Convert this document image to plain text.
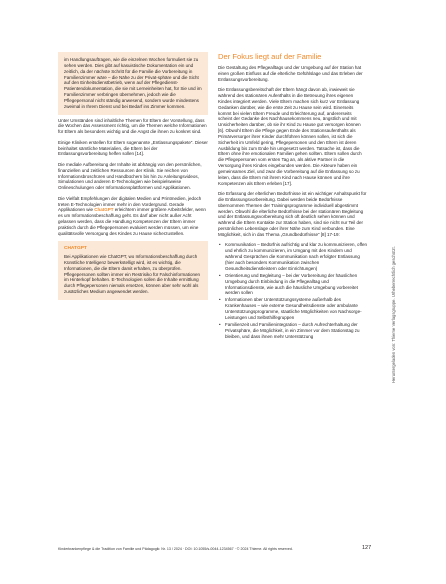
im Handlungsauftragen, wie die einzelnen Wochen formuliert sie zu sehen werden. Dies gibt auf kasuistische Dokumentation ein und zeitlich, da der nächste Schritt für die Familie die Vorbereitung in Familienzimmer wäre – die Nähe zu der Privat-sphäre und die Sicht auf den Einheitsdienstbetrieb, wenn auf der Pflegedienst-Patientendokumentation, die sie mit Lerneinheiten hat, für Sie und im Familienzimmer verbringen übernehmen, jedoch wie die Pflegepersonal nicht ständig anwesend, sondern wurde mindestens zweimal in Ihrem Dienst und bei Bedarf ins Zimmer kommen.

Unter Umständen sind inhaltliche Themen für Eltern der Vorstellung, dass die Wochen das Assessment richtig, um die Themen welche Informationen für Eltern als besonders wichtig und die Angst die ihnen zu konkret sind.

Einige Kliniken erstellen für Eltern sogenannte „Entlassungspakete“. Dieser beinhaltet sämtliche Materialien, die Eltern bei der Entlassungsvorbereitung helfen sollen [14].

Die mediale Aufbereitung der Inhalte ist abhängig von den persönlichen, finanziellen und zeitlichen Ressourcen der Klinik. Sie reichen von Informationsbroschüren und Handbüchern bis hin zu Anleitungsvideos, Simulationen und anderen E-Technologien wie beispielsweise Onlineschulungen oder Informationsplattformen und Applikationen.

Die Vielfalt Empfehlungen der digitalen Medien und Printmedien, jedoch treten E-Technologien immer mehr in den Vordergrund. Gerade Applikationen wie ChatGPT erleichtern immer größere Arbeitsfelder, wenn es um Informationsbeschaffung geht. Es darf aber nicht außer Acht gelassen werden, dass die Handlung Kompetenzen der Eltern immer praktisch durch die Pflegepersonen evaluiert werden müssen, um eine qualitätsvolle Versorgung des Kindes zu Hause sicherzustellen.

CHATGPT

Bei Applikationen wie ChatGPT, wo Informationsbeschaffung durch Künstliche Intelligenz bewerkstelligt wird, ist es wichtig, die Informationen, die die Eltern damit erhalten, zu überprüfen. Pflegepersonen sollten immer ein Restrisiko für Falschinformationen im Hinterkopf behalten. E-Technologien sollen die Inhalte ermittlung durch Pflegepersonen niemals ersetzen, können aber sehr wohl als zusätzliches Medium angewendet werden.

Der Fokus liegt auf der Familie

Die Gestaltung des Pflegealltags und der Umgebung auf der Station hat einen großen Einfluss auf die elterliche Gefühlslage und das Erleben der Entlassungsvorbereitung.

Die Entlassungsbereitschaft der Eltern hängt davon ab, inwieweit sie während des stationären Aufenthalts in die Betreuung ihres eigenen Kindes integriert werden. Viele Eltern machen sich kurz vor Entlassung Gedanken darüber, wie die erste Zeit zu Hause sein wird. Einerseits kommt bei vielen Eltern Freude und Erleichterung auf, andererseits scheint der Gedanke des Nachhausekommens neu, ängstlich und mit Unsicherheiten darüber, ob sie ihr Kind zu Hause gut versorgen können [6]. Obwohl Eltern die Pflege gegen Ende des Stationsaufenthalts als Primärversorger ihrer Kinder durchführen können sollen, ist sich die Sicherheit im Umfeld gering, Pflegepersonen und den Eltern ist deren Ausbildung bis zum Ende hin umgesetzt werden. Tatsache ist, dass die Eltern ohne ihre emotionalen Familien gehen sollten. Eltern sollen durch die Pflegepersonen vom ersten Tag an, als aktive Partner in die Versorgung ihres Kindes eingebunden werden. Die Akteure haben ein gemeinsames Ziel, und zwar die Vorbereitung auf die Entlassung so zu leiten, dass die Eltern mit ihrem Kind nach Hause können und ihre Kompetenzen als Eltern erleben [17].

Die Erfassung der elterlichen Bedürfnisse ist ein wichtiger Anhaltspunkt für die Entlassungsvorbereitung. Dabei werden beide Bedürfnisse übernommen Themen der Trainingsprogramme individuell abgestimmt werden. Obwohl die elterliche Bedürfnisse bei der stationären Begleitung und der Entlassungsvorbereitung sich oft deutlich sehen können und während die Eltern Kontakte zur Station haben, sind sie nicht nur Teil der persönlichen Lebenslage oder ihrer Nähe zum Kind verbunden. Eine Möglichkeit, sich in das Thema „Grundbedürfnisse“ [8] 17-19:

• Kommunikation – Bedürfnis aufrichtig und klar zu kommunizieren, offen und ehrlich zu kommunizieren, im Umgang mit den Kindern und während Gesprächen die Kommunikation nach erfolgter Entlassung (hier auch besonders Kommunikation zwischen Gesundheitsdienstleistern oder Einrichtungen)
• Orientierung und Begleitung – bei der Vorbereitung der häuslichen Umgebung durch Einbindung in die Pflegealltag und Informationsdienste, wie auch die häusliche Umgebung vorbereitet werden sollen
• Informationen über Unterstützungssysteme außerhalb des Krankenhauses – wie externe Gesundheitsdienste oder ambulante Unterstützungsprogramme, staatliche Möglichkeiten von Nachsorge-Leistungen und Selbsthilfegruppen
• Familienzeit und Familienintegration – durch Aufrechterhaltung der Privatsphäre, die Möglichkeit, in ein Zimmer vor dem Stationstag zu bleiben, und dass ihnen mehr Unterstützung	Heruntergeladen von: Thieme Verlagsgruppe. Urheberrechtlich geschützt.
Kinderkrankenpflege & die Tradition von Familie und Pädagogik: Nr. 13 / 2024 · DOI: 10.1055/s-0044-1234567 · © 2024 Thieme. All rights reserved.	127
